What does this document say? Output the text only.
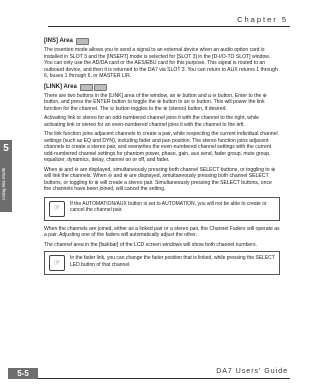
Chapter 5
5
Using Mix Mode
[INS] Area

The insertion mode allows you to send a signal to an external device when an audio option card is installed in SLOT 3 and the [INSERT] mode is selected for [SLOT 3] in the [D-I/O-TO SLOT] window. You can only use the AD/DA card or the AES/EBU card for this purpose. This signal is routed to an outboard device, and then it is returned to the DA7 via SLOT 3. You can return to AUX returns 1 through 6, buses 1 through 6, or MASTER L/R.

[LINK] Area

There are two buttons in the [LINK] area of the window, an ⊕ button and a ⊖ button. Enter to the ⊕ button, and press the ENTER button to toggle the ⊕ button to an ⊖ button. This will power the link function for the channel. The ⊖ button toggles to the ⊕ (stereo) button, if desired.

Activating link or stereo for an odd-numbered channel joins it with the channel to the right, while activating link or stereo for an even-numbered channel joins it with the channel to the left.

The link function joins adjacent channels to create a pair, while respecting the current individual channel settings (such as EQ and DYN), including fader and pan position. The stereo function joins adjacent channels to create a stereo pair, and overwrites the even-numbered channel settings with the current odd-numbered channel settings for phantom power, phase, gain, aux send, fader group, mute group, equalizer, dynamics, delay, channel on or off, and fader.

When ⊕ and ⊖ are displayed, simultaneously pressing both channel SELECT buttons, or toggling to ⊕ will link the channels. When ⊖ and ⊕ are displayed, simultaneously pressing both channel SELECT buttons, or toggling to ⊕ will create a stereo pair. Simultaneously pressing the SELECT buttons, once the channels have been joined, will cancel the setting.

☞	If the AUTOMATION/AUX button is set to AUTOMATION, you will not be able to create or cancel the channel pair.

When the channels are joined, either as a linked pair or a stereo pair, the Channel Faders will operate as a pair. Adjusting one of the faders will automatically adjust the other.

The channel area in the [faskbar] of the LCD screen windows will show both channel numbers.

☞	In the fader link, you can change the fader position that is linked, while pressing the SELECT LED button of that channel.
5-5	DA7 Users' Guide
